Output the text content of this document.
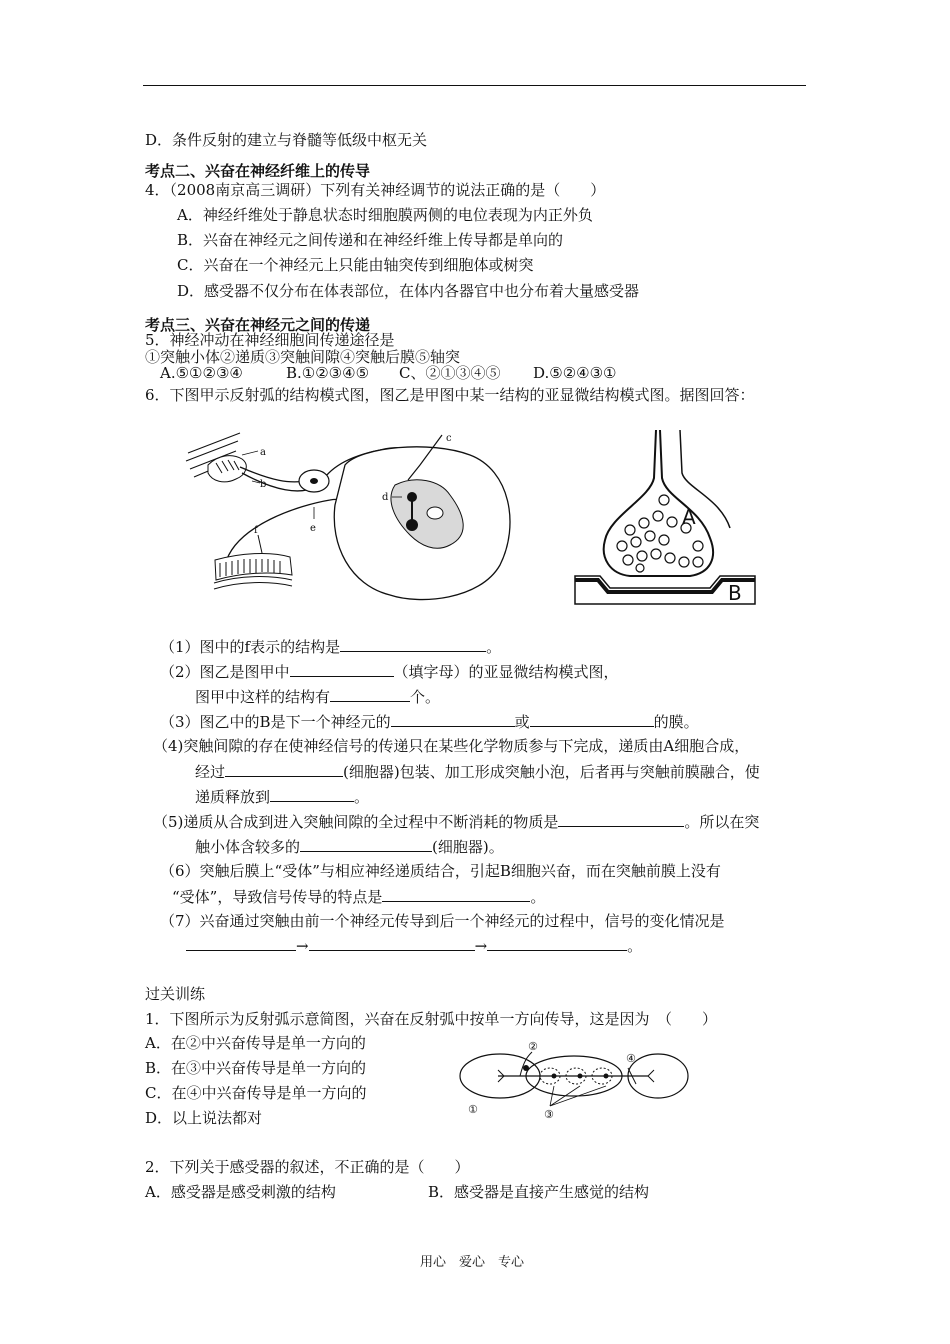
D．条件反射的建立与脊髓等低级中枢无关
考点二、兴奋在神经纤维上的传导
4．（2008南京高三调研）下列有关神经调节的说法正确的是（　　）
A．神经纤维处于静息状态时细胞膜两侧的电位表现为内正外负
B．兴奋在神经元之间传递和在神经纤维上传导都是单向的
C．兴奋在一个神经元上只能由轴突传到细胞体或树突
D．感受器不仅分布在体表部位，在体内各器官中也分布着大量感受器
考点三、兴奋在神经元之间的传递
5．神经冲动在神经细胞间传递途径是
①突触小体②递质③突触间隙④突触后膜⑤轴突
A.⑤①②③④	B.①②③④⑤ C、②①③④⑤ D.⑤②④③①
6．下图甲示反射弧的结构模式图，图乙是甲图中某一结构的亚显微结构模式图。据图回答：
a
b
c
d
e
f
A
B
（1）图中的f表示的结构是	。
（2）图乙是图甲中	（填字母）的亚显微结构模式图，
图甲中这样的结构有	个。
（3）图乙中的B是下一个神经元的	或	的膜。
（4)突触间隙的存在使神经信号的传递只在某些化学物质参与下完成，递质由A细胞合成，
经过	(细胞器)包装、加工形成突触小泡，后者再与突触前膜融合，使
递质释放到	。
（5)递质从合成到进入突触间隙的全过程中不断消耗的物质是	。所以在突
触小体含较多的	(细胞器)。
（6）突触后膜上“受体”与相应神经递质结合，引起B细胞兴奋，而在突触前膜上没有
“受体”，导致信号传导的特点是	。
（7）兴奋通过突触由前一个神经元传导到后一个神经元的过程中，信号的变化情况是
→	→	。
过关训练
1．下图所示为反射弧示意简图，兴奋在反射弧中按单一方向传导，这是因为　（　　）
A．在②中兴奋传导是单一方向的
B．在③中兴奋传导是单一方向的
C．在④中兴奋传导是单一方向的
D．以上说法都对	①
②
③
④
2．下列关于感受器的叙述，不正确的是（　　）
A．感受器是感受刺激的结构	B．感受器是直接产生感觉的结构
用心　爱心　专心
